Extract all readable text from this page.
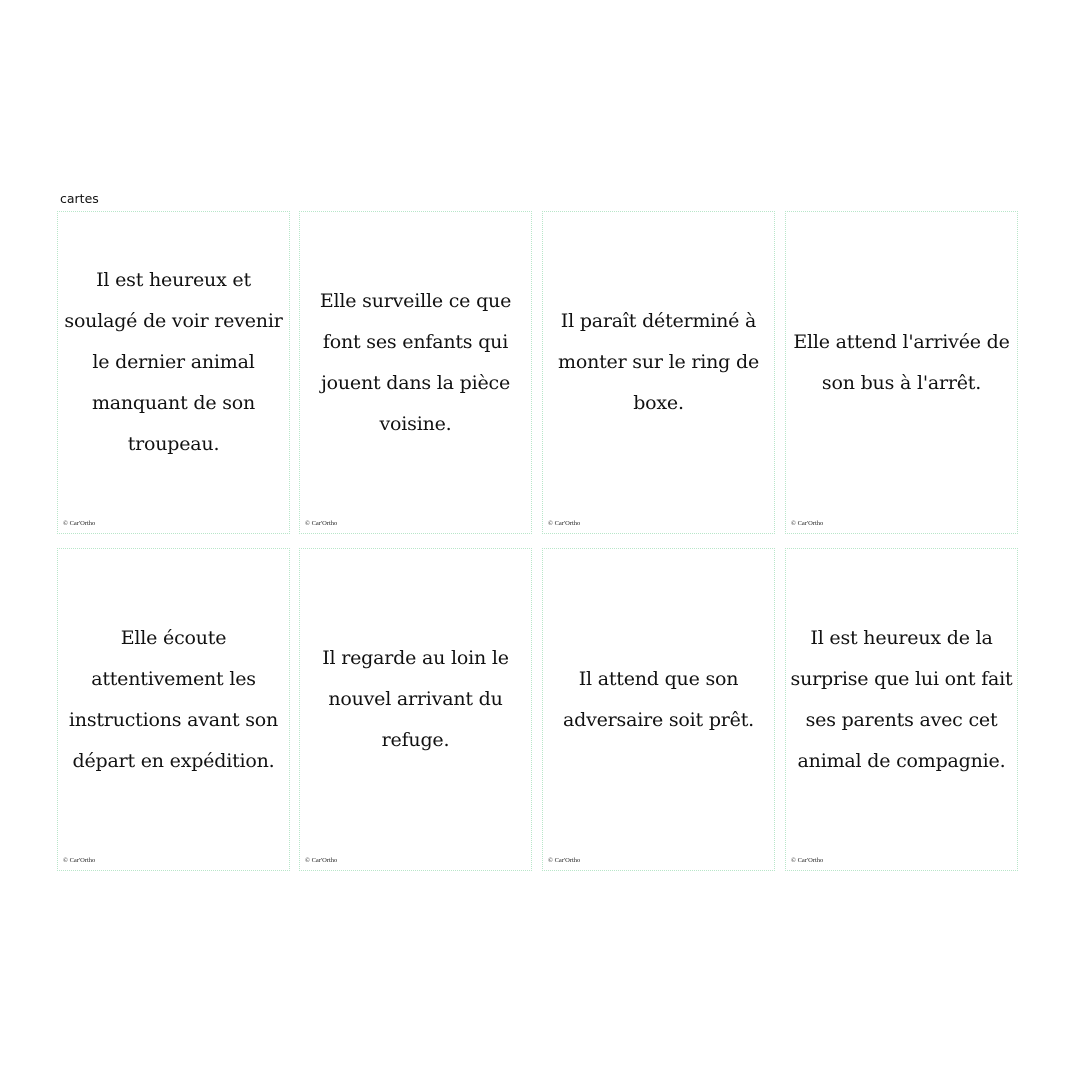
cartes
Il est heureux et soulagé de voir revenir le dernier animal manquant de son troupeau.
© Car'Ortho
Elle surveille ce que font ses enfants qui jouent dans la pièce voisine.
© Car'Ortho
Il paraît déterminé à monter sur le ring de boxe.
© Car'Ortho
Elle attend l'arrivée de son bus à l'arrêt.
© Car'Ortho
Elle écoute attentivement les instructions avant son départ en expédition.
© Car'Ortho
Il regarde au loin le nouvel arrivant du refuge.
© Car'Ortho
Il attend que son adversaire soit prêt.
© Car'Ortho
Il est heureux de la surprise que lui ont fait ses parents avec cet animal de compagnie.
© Car'Ortho
